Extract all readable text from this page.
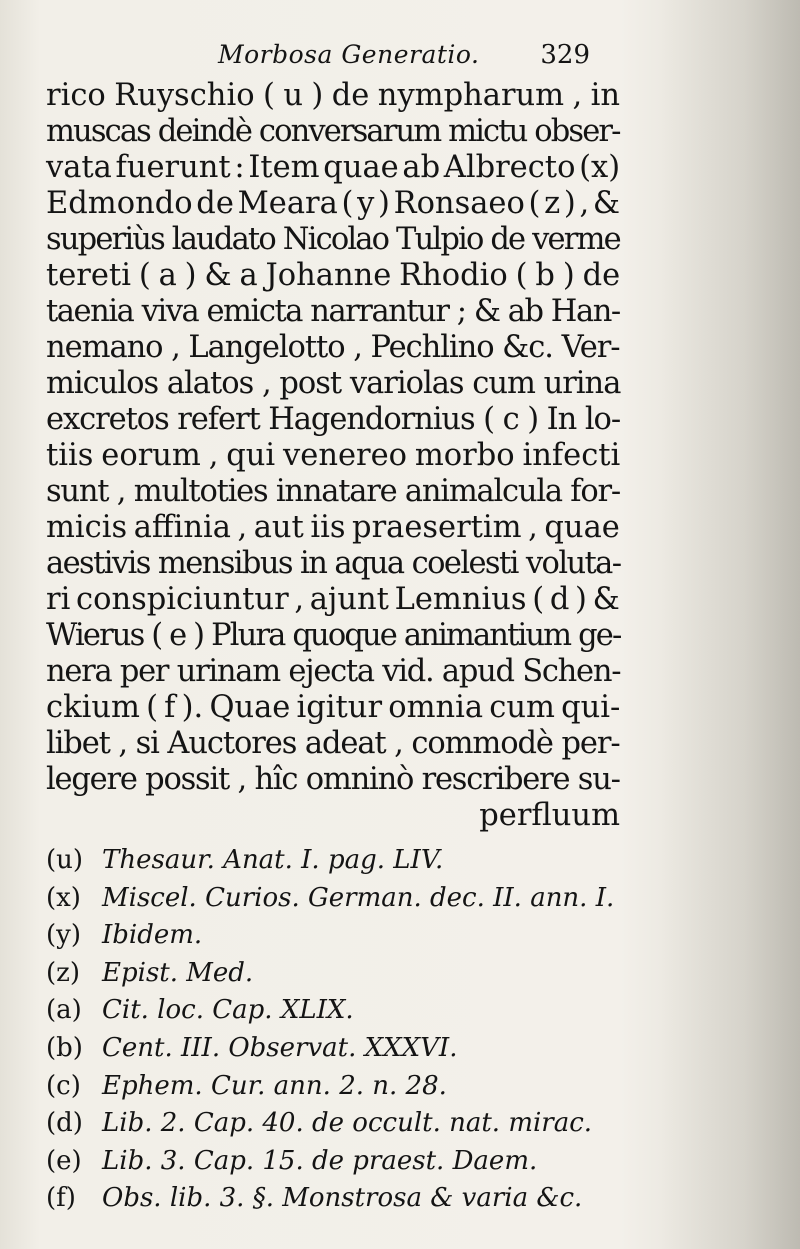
Morbosa Generatio. 329
rico Ruyschio ( u ) de nympharum , in
muscas deindè conversarum mictu obser-
vata fuerunt : Item quae ab Albrecto (x)
Edmondo de Meara ( y ) Ronsaeo ( z ) , &
superiùs laudato Nicolao Tulpio de verme
tereti ( a ) & a Johanne Rhodio ( b ) de
taenia viva emicta narrantur ; & ab Han-
nemano , Langelotto , Pechlino &c. Ver-
miculos alatos , post variolas cum urina
excretos refert Hagendornius ( c ) In lo-
tiis eorum , qui venereo morbo infecti
sunt , multoties innatare animalcula for-
micis affinia , aut iis praesertim , quae
aestivis mensibus in aqua coelesti voluta-
ri conspiciuntur , ajunt Lemnius ( d ) &
Wierus ( e ) Plura quoque animantium ge-
nera per urinam ejecta vid. apud Schen-
ckium ( f ). Quae igitur omnia cum qui-
libet , si Auctores adeat , commodè per-
legere possit , hîc omninò rescribere su-
perfluum
(u) Thesaur. Anat. I. pag. LIV.
(x) Miscel. Curios. German. dec. II. ann. I.
(y) Ibidem.
(z) Epist. Med.
(a) Cit. loc. Cap. XLIX.
(b) Cent. III. Observat. XXXVI.
(c) Ephem. Cur. ann. 2. n. 28.
(d) Lib. 2. Cap. 40. de occult. nat. mirac.
(e) Lib. 3. Cap. 15. de praest. Daem.
(f) Obs. lib. 3. §. Monstrosa & varia &c.
